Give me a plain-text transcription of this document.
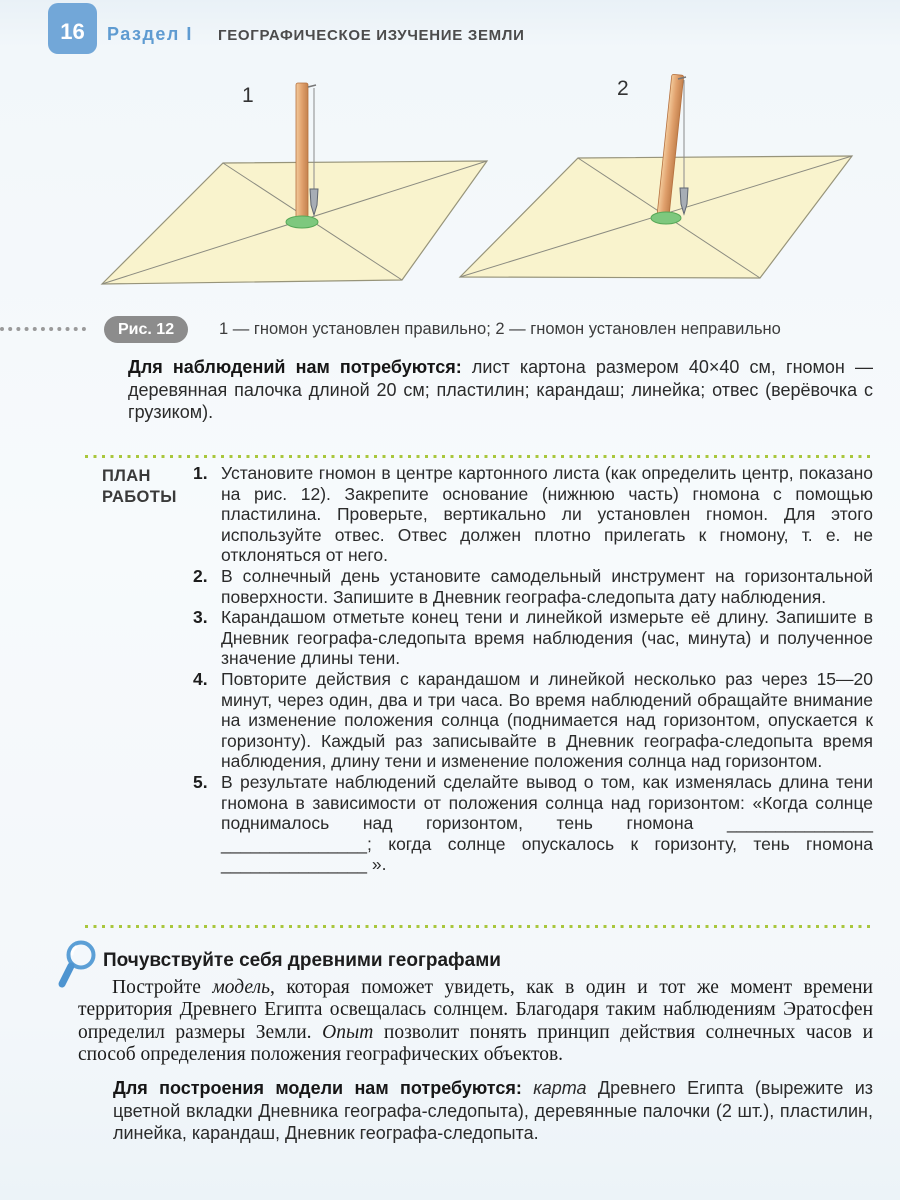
16	Раздел I ГЕОГРАФИЧЕСКОЕ ИЗУЧЕНИЕ ЗЕМЛИ
1	2
Рис. 12	1 — гномон установлен правильно; 2 — гномон установлен неправильно

Для наблюдений нам потребуются: лист картона размером 40×40 см, гномон — деревянная палочка длиной 20 см; пластилин; карандаш; линейка; отвес (верёвочка с грузиком).

ПЛАН
РАБОТЫ
1. Установите гномон в центре картонного листа (как определить центр, показано на рис. 12). Закрепите основание (нижнюю часть) гномона с помощью пластилина. Проверьте, вертикально ли установлен гномон. Для этого используйте отвес. Отвес должен плотно прилегать к гномону, т. е. не отклоняться от него.
2. В солнечный день установите самодельный инструмент на горизонтальной поверхности. Запишите в Дневник географа-следопыта дату наблюдения.
3. Карандашом отметьте конец тени и линейкой измерьте её длину. Запишите в Дневник географа-следопыта время наблюдения (час, минута) и полученное значение длины тени.
4. Повторите действия с карандашом и линейкой несколько раз через 15—20 минут, через один, два и три часа. Во время наблюдений обращайте внимание на изменение положения солнца (поднимается над горизонтом, опускается к горизонту). Каждый раз записывайте в Дневник географа-следопыта время наблюдения, длину тени и изменение положения солнца над горизонтом.
5. В результате наблюдений сделайте вывод о том, как изменялась длина тени гномона в зависимости от положения солнца над горизонтом: «Когда солнце поднималось над горизонтом, тень гномона _______________ _______________; когда солнце опускалось к горизонту, тень гномона _______________ ».
Почувствуйте себя древними географами

Постройте модель, которая поможет увидеть, как в один и тот же момент времени территория Древнего Египта освещалась солнцем. Благодаря таким наблюдениям Эратосфен определил размеры Земли. Опыт позволит понять принцип действия солнечных часов и способ определения положения географических объектов.

Для построения модели нам потребуются: карта Древнего Египта (вырежите из цветной вкладки Дневника географа-следопыта), деревянные палочки (2 шт.), пластилин, линейка, карандаш, Дневник географа-следопыта.
